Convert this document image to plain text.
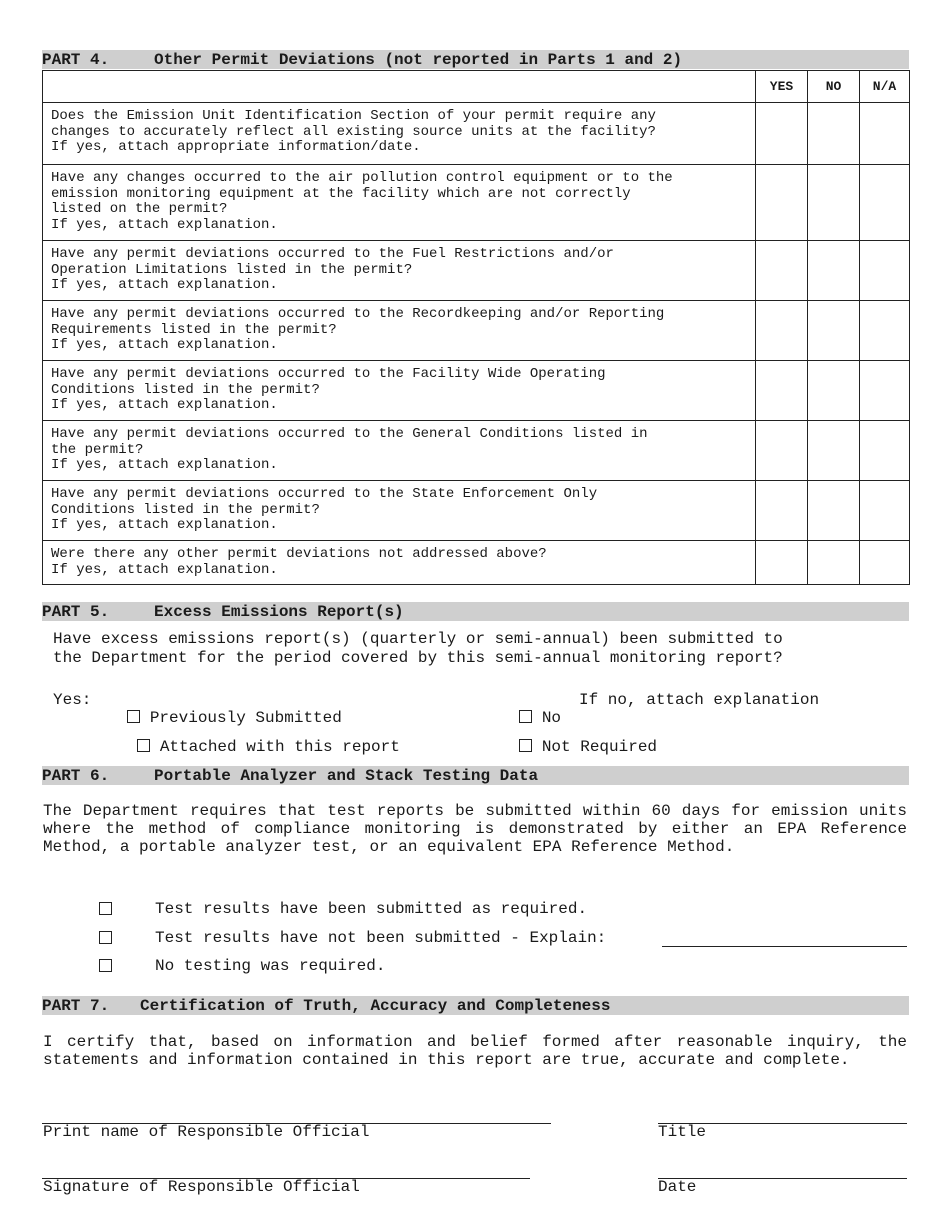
PART 4.	Other Permit Deviations (not reported in Parts 1 and 2)
	YES	NO	N/A

Does the Emission Unit Identification Section of your permit require any
changes to accurately reflect all existing source units at the facility?
If yes, attach appropriate information/date.			

Have any changes occurred to the air pollution control equipment or to the
emission monitoring equipment at the facility which are not correctly
listed on the permit?
If yes, attach explanation.			

Have any permit deviations occurred to the Fuel Restrictions and/or
Operation Limitations listed in the permit?
If yes, attach explanation.			

Have any permit deviations occurred to the Recordkeeping and/or Reporting
Requirements listed in the permit?
If yes, attach explanation.			

Have any permit deviations occurred to the Facility Wide Operating
Conditions listed in the permit?
If yes, attach explanation.			

Have any permit deviations occurred to the General Conditions listed in
the permit?
If yes, attach explanation.			

Have any permit deviations occurred to the State Enforcement Only
Conditions listed in the permit?
If yes, attach explanation.			

Were there any other permit deviations not addressed above?
If yes, attach explanation.			

PART 5.	Excess Emissions Report(s)
Have excess emissions report(s) (quarterly or semi-annual) been submitted to
the Department for the period covered by this semi-annual monitoring report?
Yes:

Previously Submitted	No

If no, attach explanation

Attached with this report	Not Required

PART 6.	Portable Analyzer and Stack Testing Data
The Department requires that test reports be submitted within 60 days for emission units where the method of compliance monitoring is demonstrated by either an EPA Reference Method, a portable analyzer test, or an equivalent EPA Reference Method.
Test results have been submitted as required.
Test results have not been submitted - Explain:
No testing was required.
PART 7. Certification of Truth, Accuracy and Completeness
I certify that, based on information and belief formed after reasonable inquiry, the statements and information contained in this report are true, accurate and complete.
Print name of Responsible Official	Title
Signature of Responsible Official	Date
